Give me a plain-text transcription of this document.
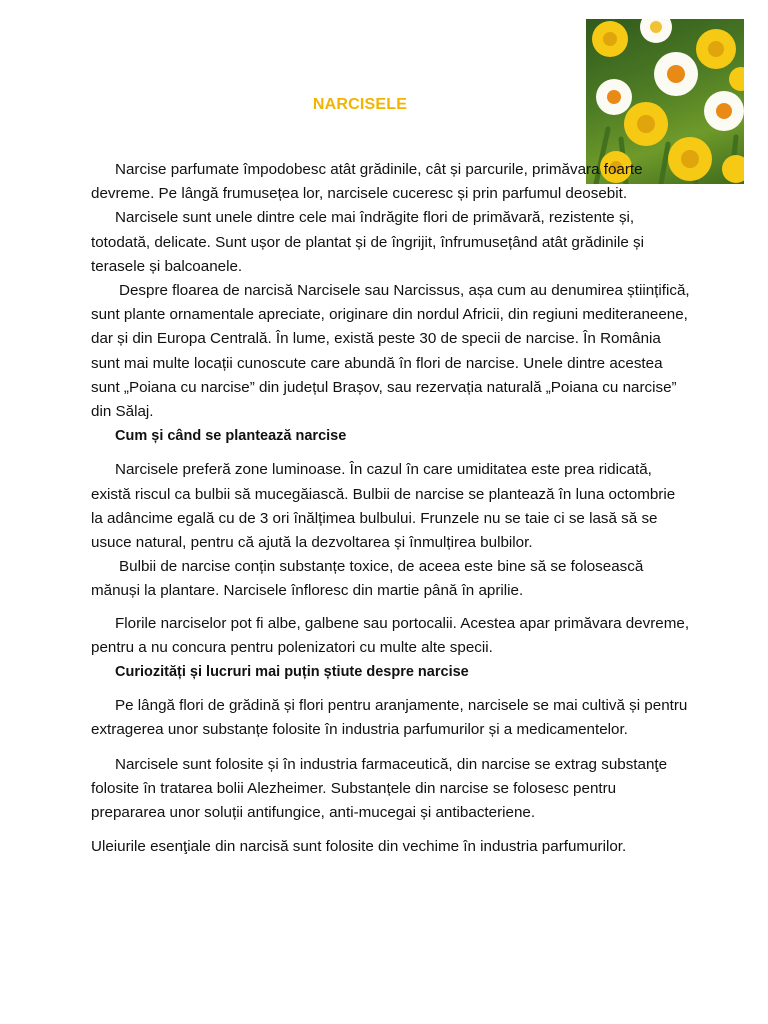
NARCISELE

Narcise parfumate împodobesc atât grădinile, cât și parcurile, primăvara foarte devreme. Pe lângă frumusețea lor, narcisele cuceresc și prin parfumul deosebit.

Narcisele sunt unele dintre cele mai îndrăgite flori de primăvară, rezistente și, totodată, delicate. Sunt ușor de plantat și de îngrijit, înfrumusețând atât grădinile și terasele și balcoanele.

Despre floarea de narcisă Narcisele sau Narcissus, așa cum au denumirea științifică, sunt plante ornamentale apreciate, originare din nordul Africii, din regiuni mediteraneene, dar și din Europa Centrală. În lume, există peste 30 de specii de narcise. În România sunt mai multe locații cunoscute care abundă în flori de narcise. Unele dintre acestea sunt „Poiana cu narcise” din județul Brașov, sau rezervația naturală „Poiana cu narcise” din Sălaj.

Cum și când se plantează narcise

Narcisele preferă zone luminoase. În cazul în care umiditatea este prea ridicată, există riscul ca bulbii să mucegăiască. Bulbii de narcise se plantează în luna octombrie la adâncime egală cu de 3 ori înălțimea bulbului. Frunzele nu se taie ci se lasă să se usuce natural, pentru că ajută la dezvoltarea și înmulțirea bulbilor.

Bulbii de narcise conțin substanțe toxice, de aceea este bine să se folosească mănuși la plantare. Narcisele înfloresc din martie până în aprilie.

Florile narciselor pot fi albe, galbene sau portocalii. Acestea apar primăvara devreme, pentru a nu concura pentru polenizatori cu multe alte specii.

Curiozități și lucruri mai puțin știute despre narcise

Pe lângă flori de grădină și flori pentru aranjamente, narcisele se mai cultivă și pentru extragerea unor substanțe folosite în industria parfumurilor și a medicamentelor.

Narcisele sunt folosite și în industria farmaceutică, din narcise se extrag substanţe folosite în tratarea bolii Alezheimer. Substanțele din narcise se folosesc pentru prepararea unor soluții antifungice, anti-mucegai și antibacteriene.

Uleiurile esenţiale din narcisă sunt folosite din vechime în industria parfumurilor.
